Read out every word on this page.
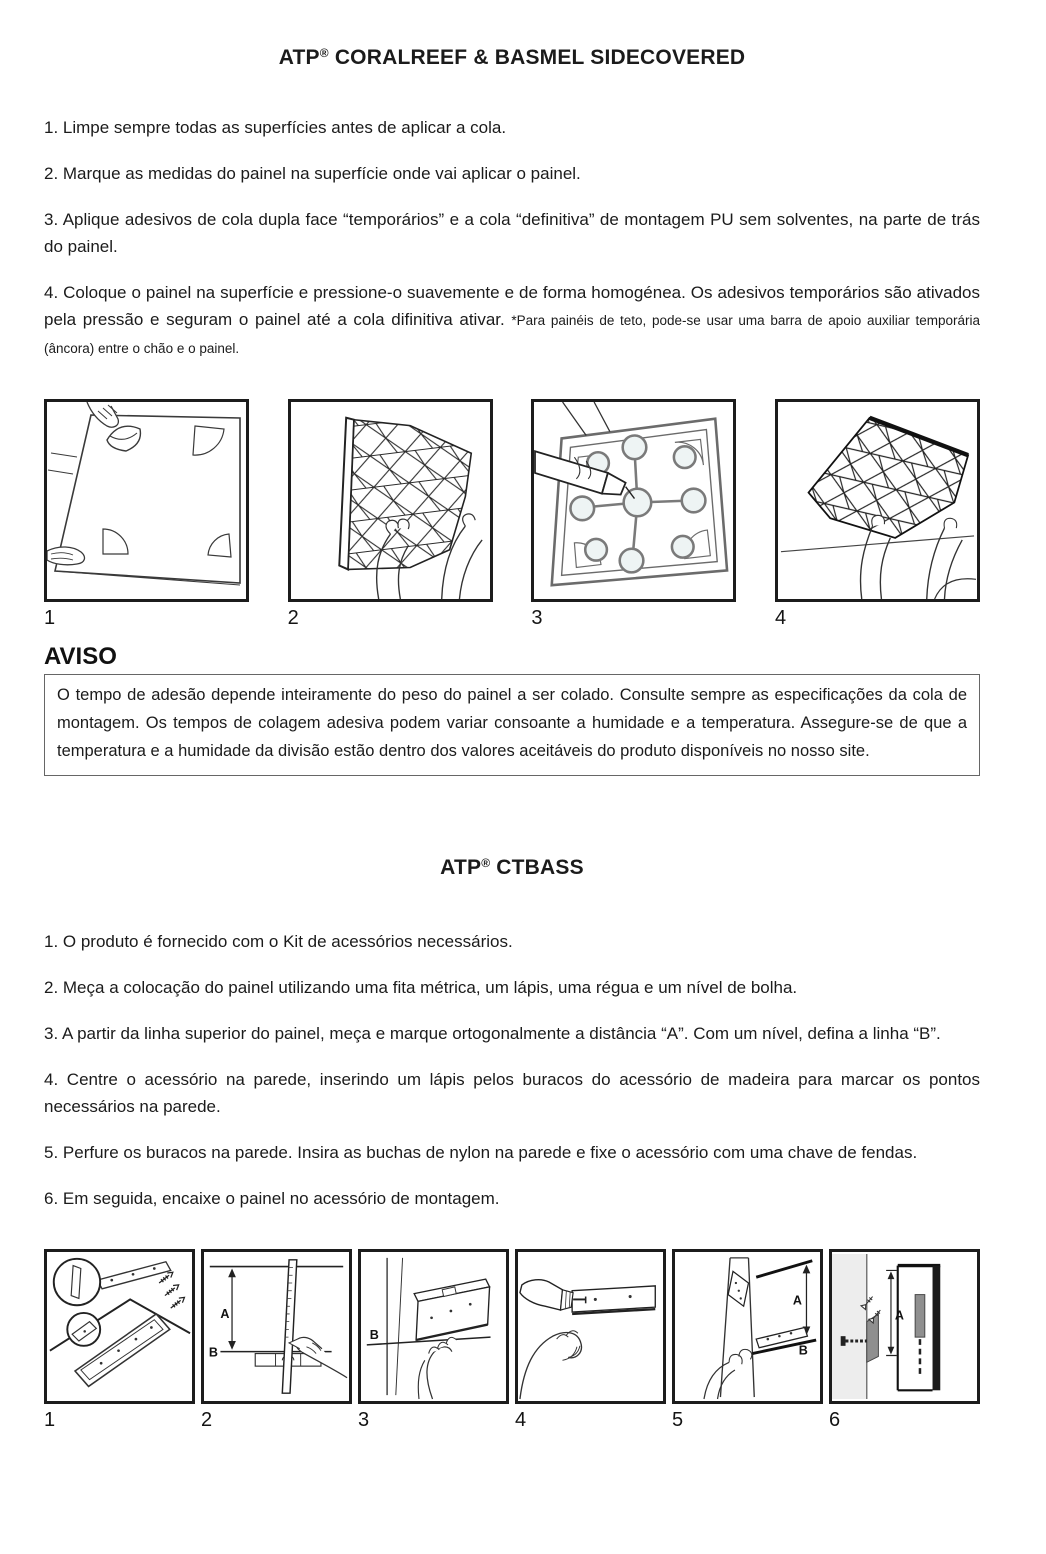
ATP® CORALREEF & BASMEL SIDECOVERED

1. Limpe sempre todas as superfícies antes de aplicar a cola.

2. Marque as medidas do painel na superfície onde vai aplicar o painel.

3. Aplique adesivos de cola dupla face “temporários” e a cola “definitiva” de montagem PU sem solventes, na parte de trás do painel.

4. Coloque o painel na superfície e pressione-o suavemente e de forma homogénea. Os adesivos temporários são ativados pela pressão e seguram o painel até a cola difinitiva ativar. *Para painéis de teto, pode-se usar uma barra de apoio auxiliar temporária (âncora) entre o chão e o painel.

1	2	3	4
AVISO
O tempo de adesão depende inteiramente do peso do painel a ser colado. Consulte sempre as especificações da cola de montagem. Os tempos de colagem adesiva podem variar consoante a humidade e a temperatura. Assegure-se de que a temperatura e a humidade da divisão estão dentro dos valores aceitáveis do produto disponíveis no nosso site.
ATP® CTBASS

1. O produto é fornecido com o Kit de acessórios necessários.

2. Meça a colocação do painel utilizando uma fita métrica, um lápis, uma régua e um nível de bolha.

3. A partir da linha superior do painel, meça e marque ortogonalmente a distância “A”. Com um nível, defina a linha “B”.

4. Centre o acessório na parede, inserindo um lápis pelos buracos do acessório de madeira para marcar os pontos necessários na parede.

5. Perfure os buracos na parede. Insira as buchas de nylon na parede e fixe o acessório com uma chave de fendas.

6. Em seguida, encaixe o painel no acessório de montagem.

1
A
B
2
B
3	4
A
B
5
A
6
